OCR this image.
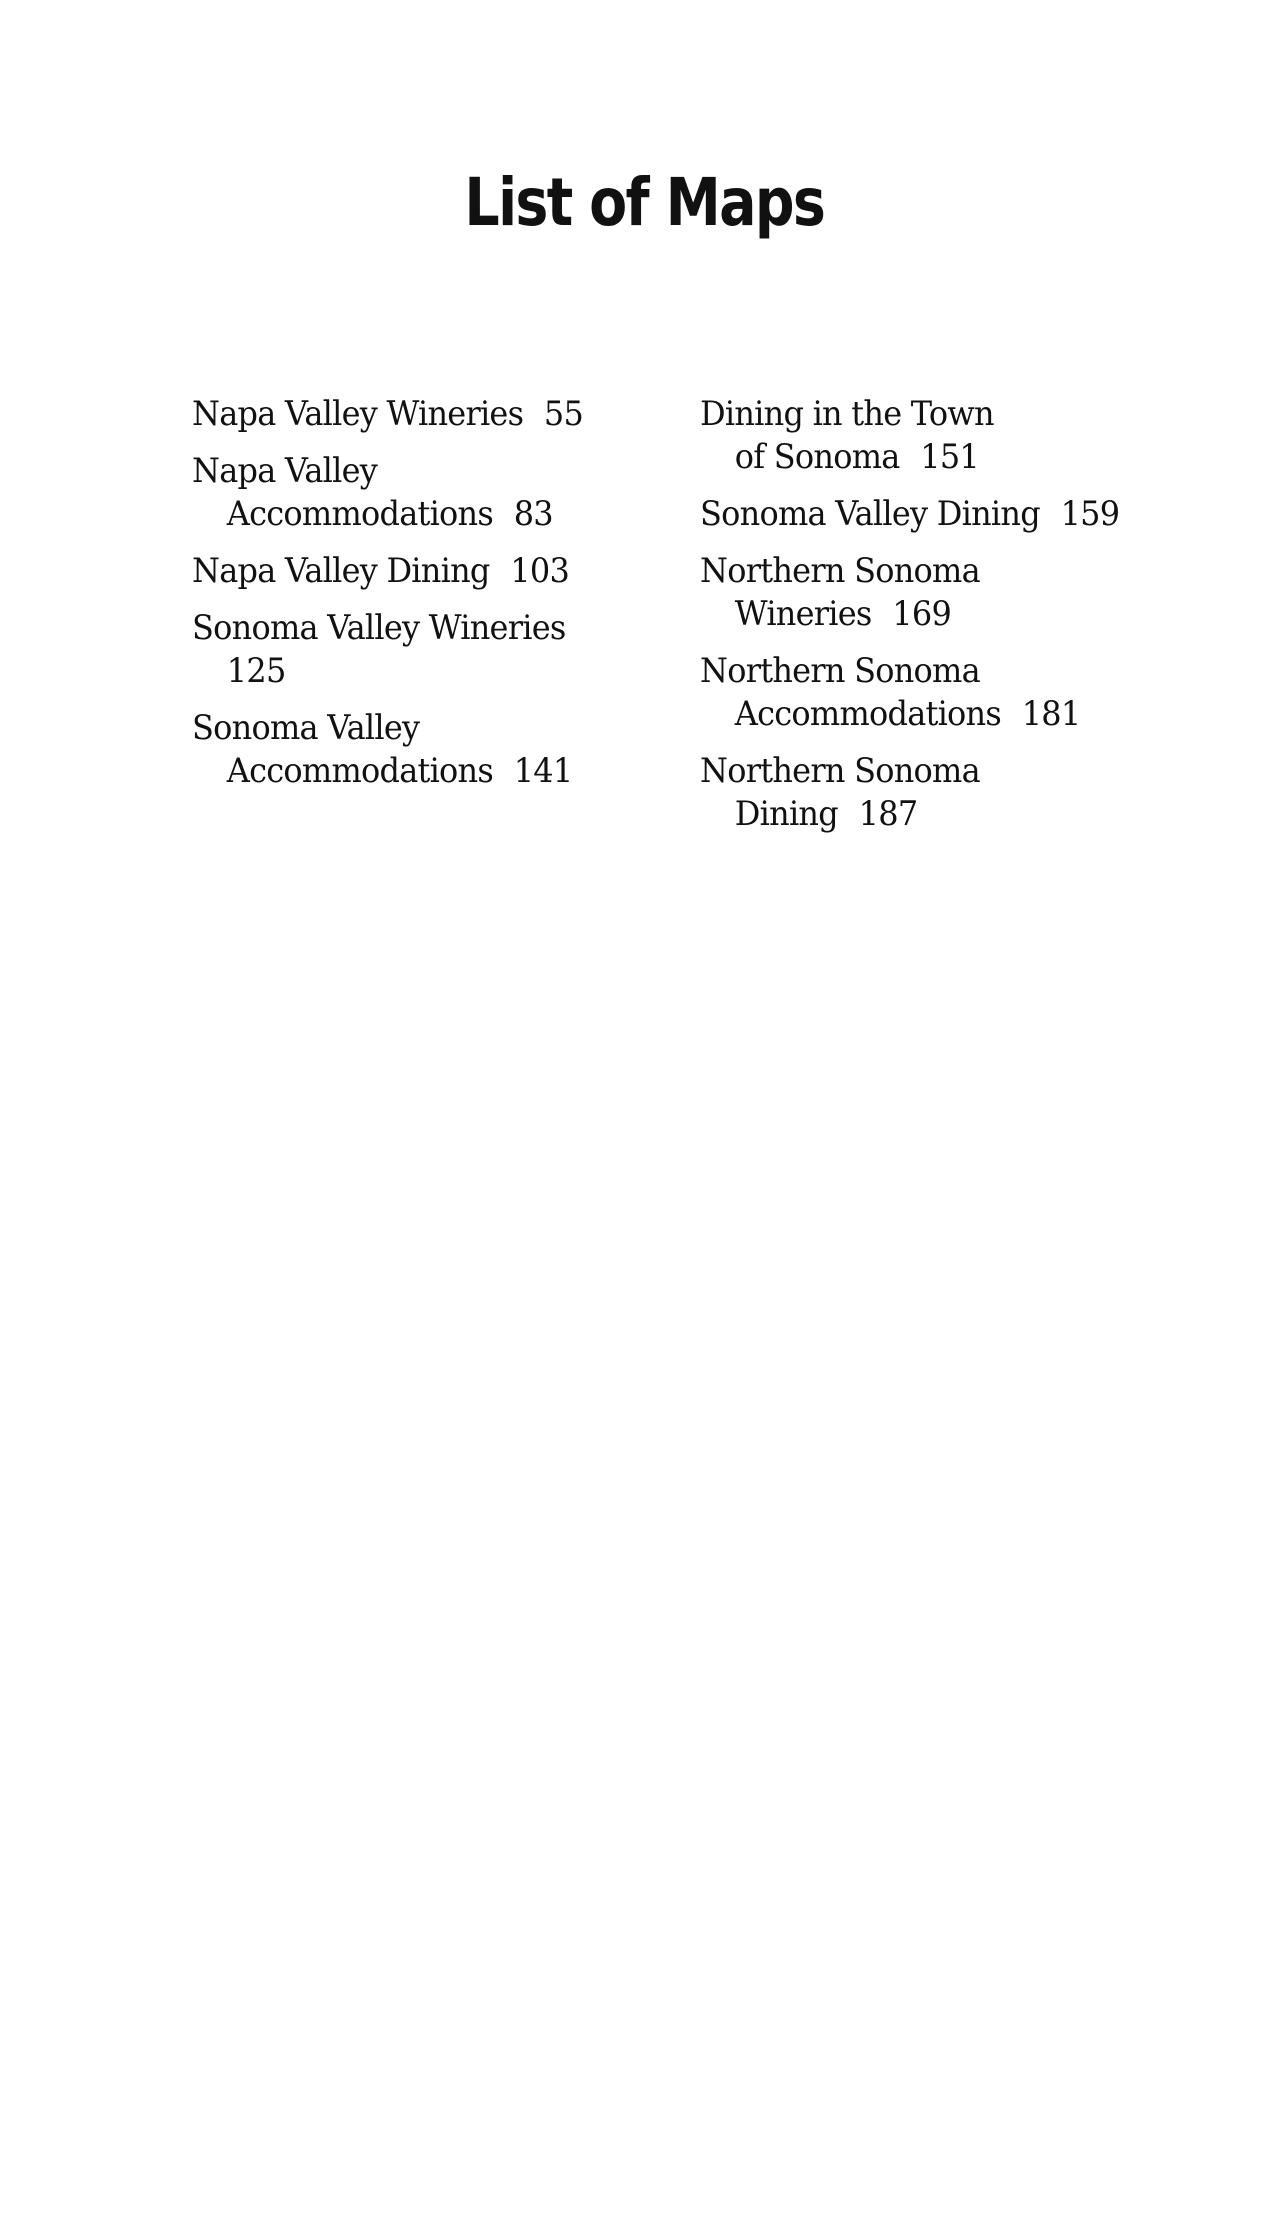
List of Maps
Napa Valley Wineries 55
Napa Valley
Accommodations 83
Napa Valley Dining 103
Sonoma Valley Wineries
125
Sonoma Valley
Accommodations 141
Dining in the Town
of Sonoma 151
Sonoma Valley Dining 159
Northern Sonoma
Wineries 169
Northern Sonoma
Accommodations 181
Northern Sonoma
Dining 187
